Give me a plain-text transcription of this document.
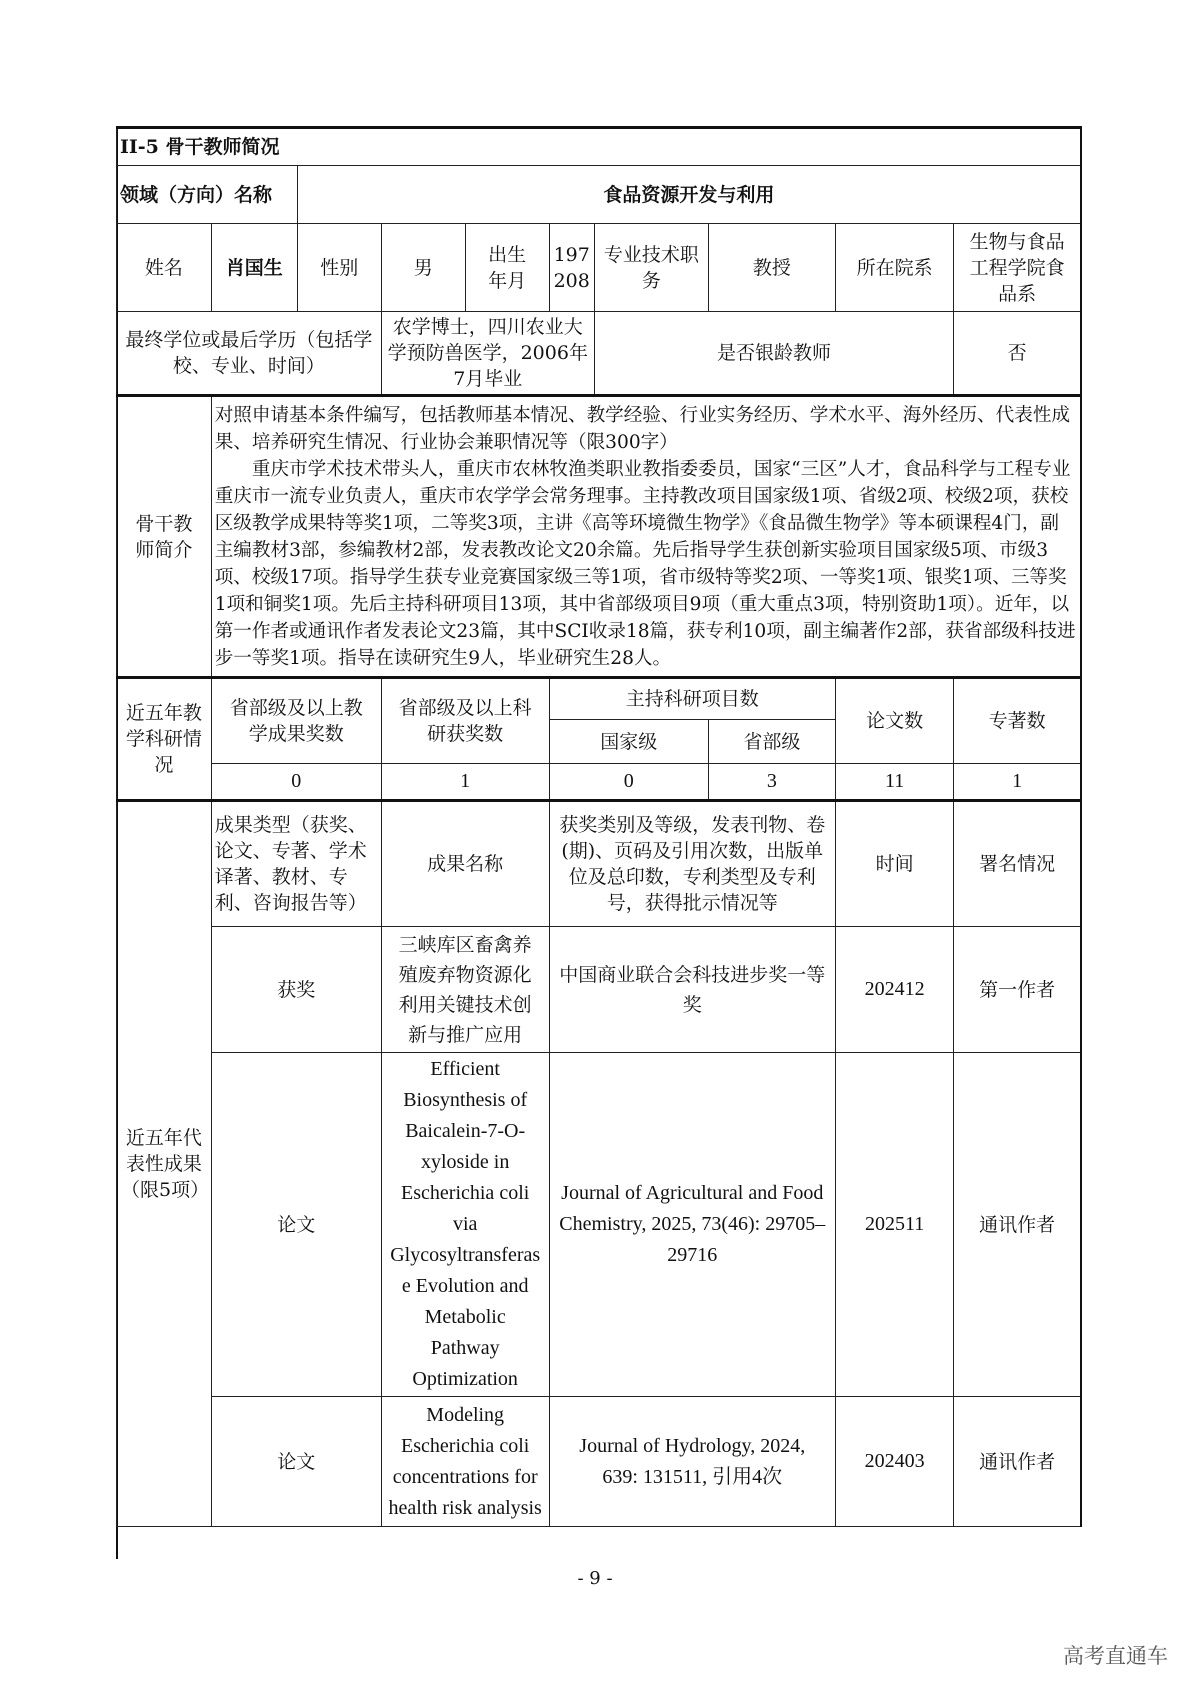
II-5 骨干教师简况									
领域（方向）名称		食品资源开发与利用							
姓名	肖国生	性别	男	出生年月	197208	专业技术职务	教授	所在院系	生物与食品工程学院食品系
最终学位或最后学历（包括学校、专业、时间）			农学博士，四川农业大学预防兽医学，2006年7月毕业			是否银龄教师			否
骨干教师简介	对照申请基本条件编写，包括教师基本情况、教学经验、行业实务经历、学术水平、海外经历、代表性成果、培养研究生情况、行业协会兼职情况等（限300字）

重庆市学术技术带头人，重庆市农林牧渔类职业教指委委员，国家“三区”人才，食品科学与工程专业重庆市一流专业负责人，重庆市农学学会常务理事。主持教改项目国家级1项、省级2项、校级2项，获校区级教学成果特等奖1项，二等奖3项，主讲《高等环境微生物学》《食品微生物学》等本硕课程4门，副主编教材3部，参编教材2部，发表教改论文20余篇。先后指导学生获创新实验项目国家级5项、市级3项、校级17项。指导学生获专业竞赛国家级三等1项，省市级特等奖2项、一等奖1项、银奖1项、三等奖1项和铜奖1项。先后主持科研项目13项，其中省部级项目9项（重大重点3项，特别资助1项）。近年，以第一作者或通讯作者发表论文23篇，其中SCI收录18篇，获专利10项，副主编著作2部，获省部级科技进步一等奖1项。指导在读研究生9人，毕业研究生28人。								

近五年教学科研情况	省部级及以上教学成果奖数		省部级及以上科研获奖数		主持科研项目数			论文数	专著数
					国家级		省部级		
	0		1		0		3	11	1
近五年代表性成果（限5项）	成果类型（获奖、论文、专著、学术译著、教材、专利、咨询报告等）		成果名称		获奖类别及等级，发表刊物、卷(期)、页码及引用次数，出版单位及总印数，专利类型及专利号，获得批示情况等			时间	署名情况
	获奖		三峡库区畜禽养殖废弃物资源化利用关键技术创新与推广应用		中国商业联合会科技进步奖一等奖			202412	第一作者
	论文		Efficient Biosynthesis of Baicalein-7-O-xyloside in Escherichia coli via Glycosyltransferase Evolution and Metabolic Pathway Optimization		Journal of Agricultural and Food Chemistry, 2025, 73(46): 29705–29716			202511	通讯作者
	论文		Modeling Escherichia coli concentrations for health risk analysis		Journal of Hydrology, 2024, 639: 131511, 引用4次			202403	通讯作者
- 9 -
高考直通车
